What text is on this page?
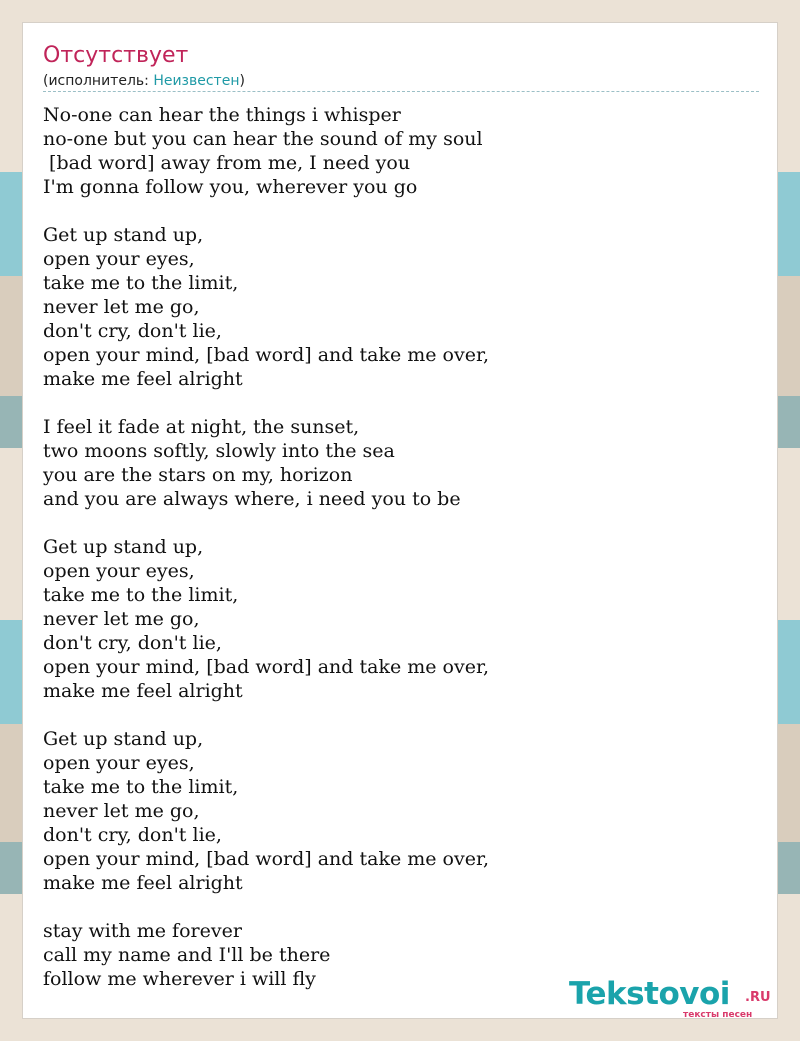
Отсутствует
(исполнитель: Неизвестен)
No-one can hear the things i whisper
no-one but you can hear the sound of my soul
[bad word] away from me, I need you
I'm gonna follow you, wherever you go
Get up stand up,
open your eyes,
take me to the limit,
never let me go,
don't cry, don't lie,
open your mind, [bad word] and take me over,
make me feel alright
I feel it fade at night, the sunset,
two moons softly, slowly into the sea
you are the stars on my, horizon
and you are always where, i need you to be
Get up stand up,
open your eyes,
take me to the limit,
never let me go,
don't cry, don't lie,
open your mind, [bad word] and take me over,
make me feel alright
Get up stand up,
open your eyes,
take me to the limit,
never let me go,
don't cry, don't lie,
open your mind, [bad word] and take me over,
make me feel alright
stay with me forever
call my name and I'll be there
follow me wherever i will fly	Tekstovoi .RU
тексты песен
